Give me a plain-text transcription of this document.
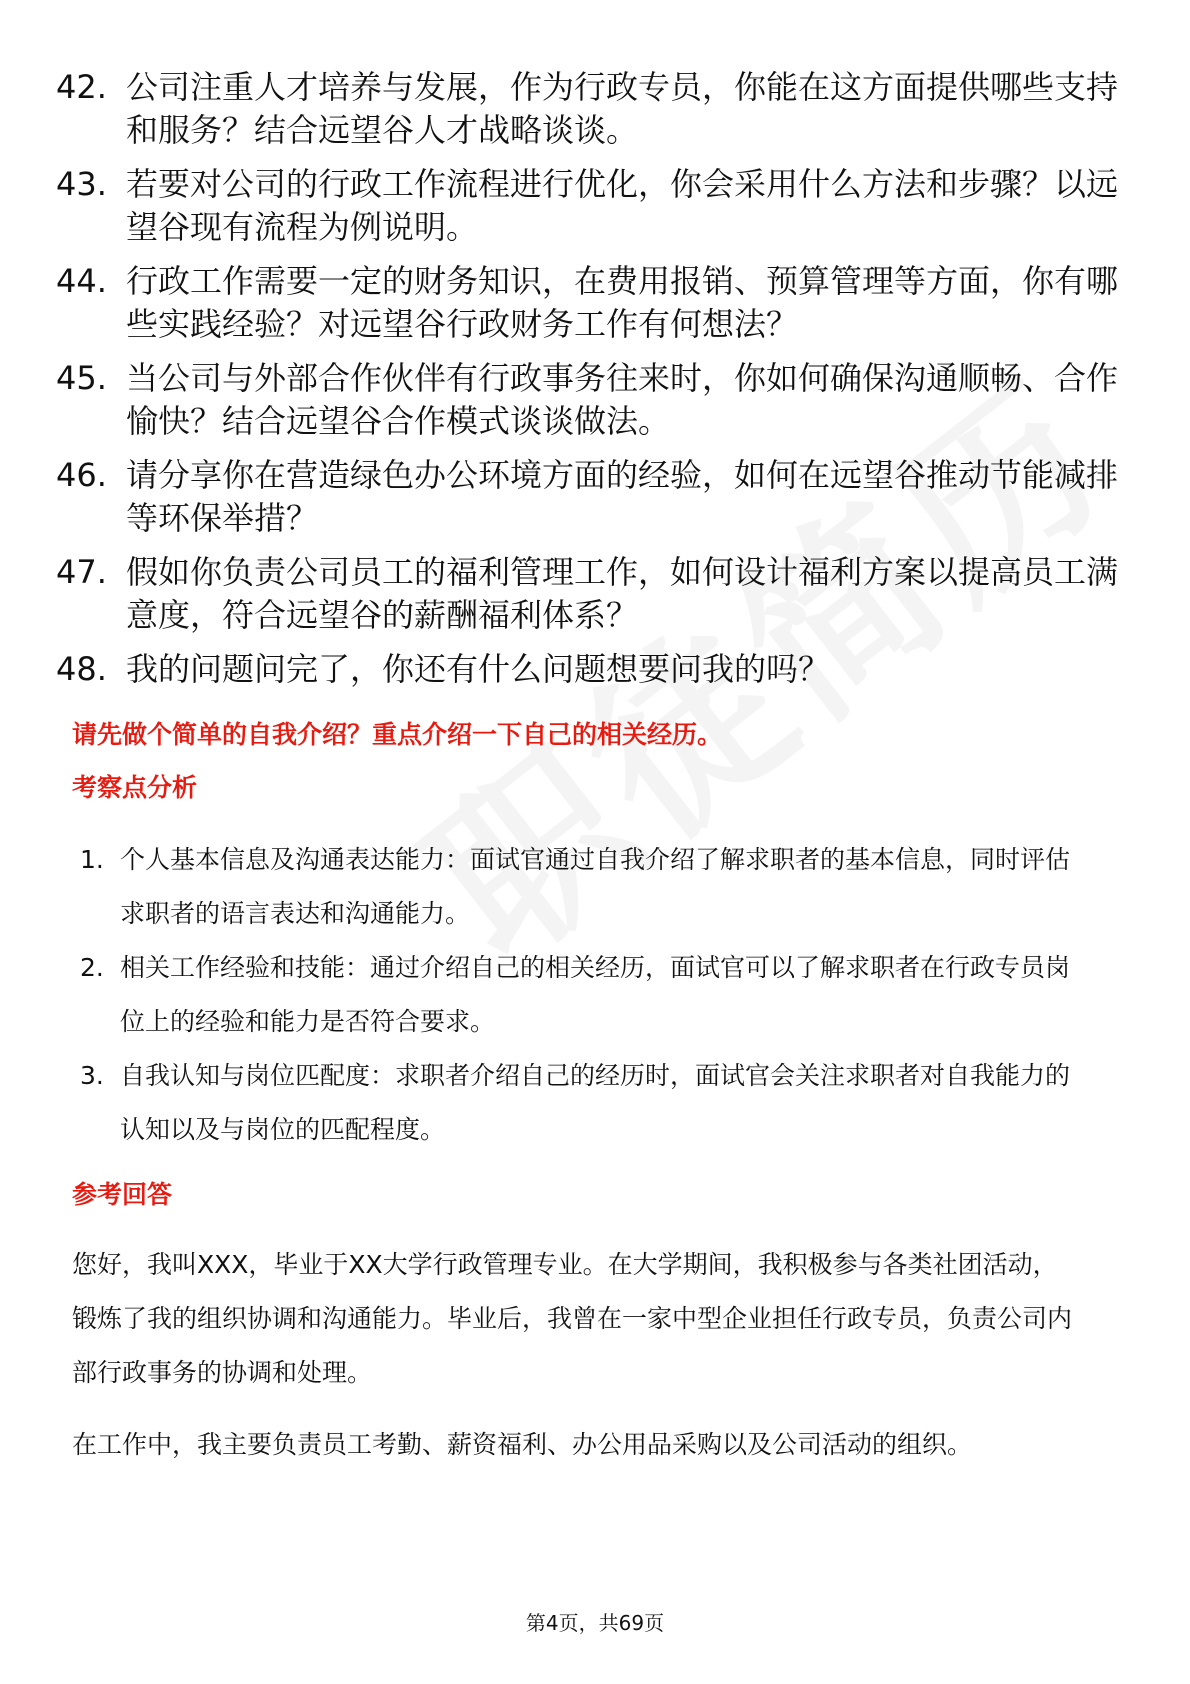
42. 公司注重人才培养与发展，作为行政专员，你能在这方面提供哪些支持和服务？结合远望谷人才战略谈谈。
43. 若要对公司的行政工作流程进行优化，你会采用什么方法和步骤？以远望谷现有流程为例说明。
44. 行政工作需要一定的财务知识，在费用报销、预算管理等方面，你有哪些实践经验？对远望谷行政财务工作有何想法？
45. 当公司与外部合作伙伴有行政事务往来时，你如何确保沟通顺畅、合作愉快？结合远望谷合作模式谈谈做法。
46. 请分享你在营造绿色办公环境方面的经验，如何在远望谷推动节能减排等环保举措？
47. 假如你负责公司员工的福利管理工作，如何设计福利方案以提高员工满意度，符合远望谷的薪酬福利体系？
48. 我的问题问完了，你还有什么问题想要问我的吗？
请先做个简单的自我介绍？重点介绍一下自己的相关经历。
考察点分析
1. 个人基本信息及沟通表达能力：面试官通过自我介绍了解求职者的基本信息，同时评估求职者的语言表达和沟通能力。
2. 相关工作经验和技能：通过介绍自己的相关经历，面试官可以了解求职者在行政专员岗位上的经验和能力是否符合要求。
3. 自我认知与岗位匹配度：求职者介绍自己的经历时，面试官会关注求职者对自我能力的认知以及与岗位的匹配程度。
参考回答

您好，我叫XXX，毕业于XX大学行政管理专业。在大学期间，我积极参与各类社团活动，锻炼了我的组织协调和沟通能力。毕业后，我曾在一家中型企业担任行政专员，负责公司内部行政事务的协调和处理。

在工作中，我主要负责员工考勤、薪资福利、办公用品采购以及公司活动的组织。

第4页，共69页
